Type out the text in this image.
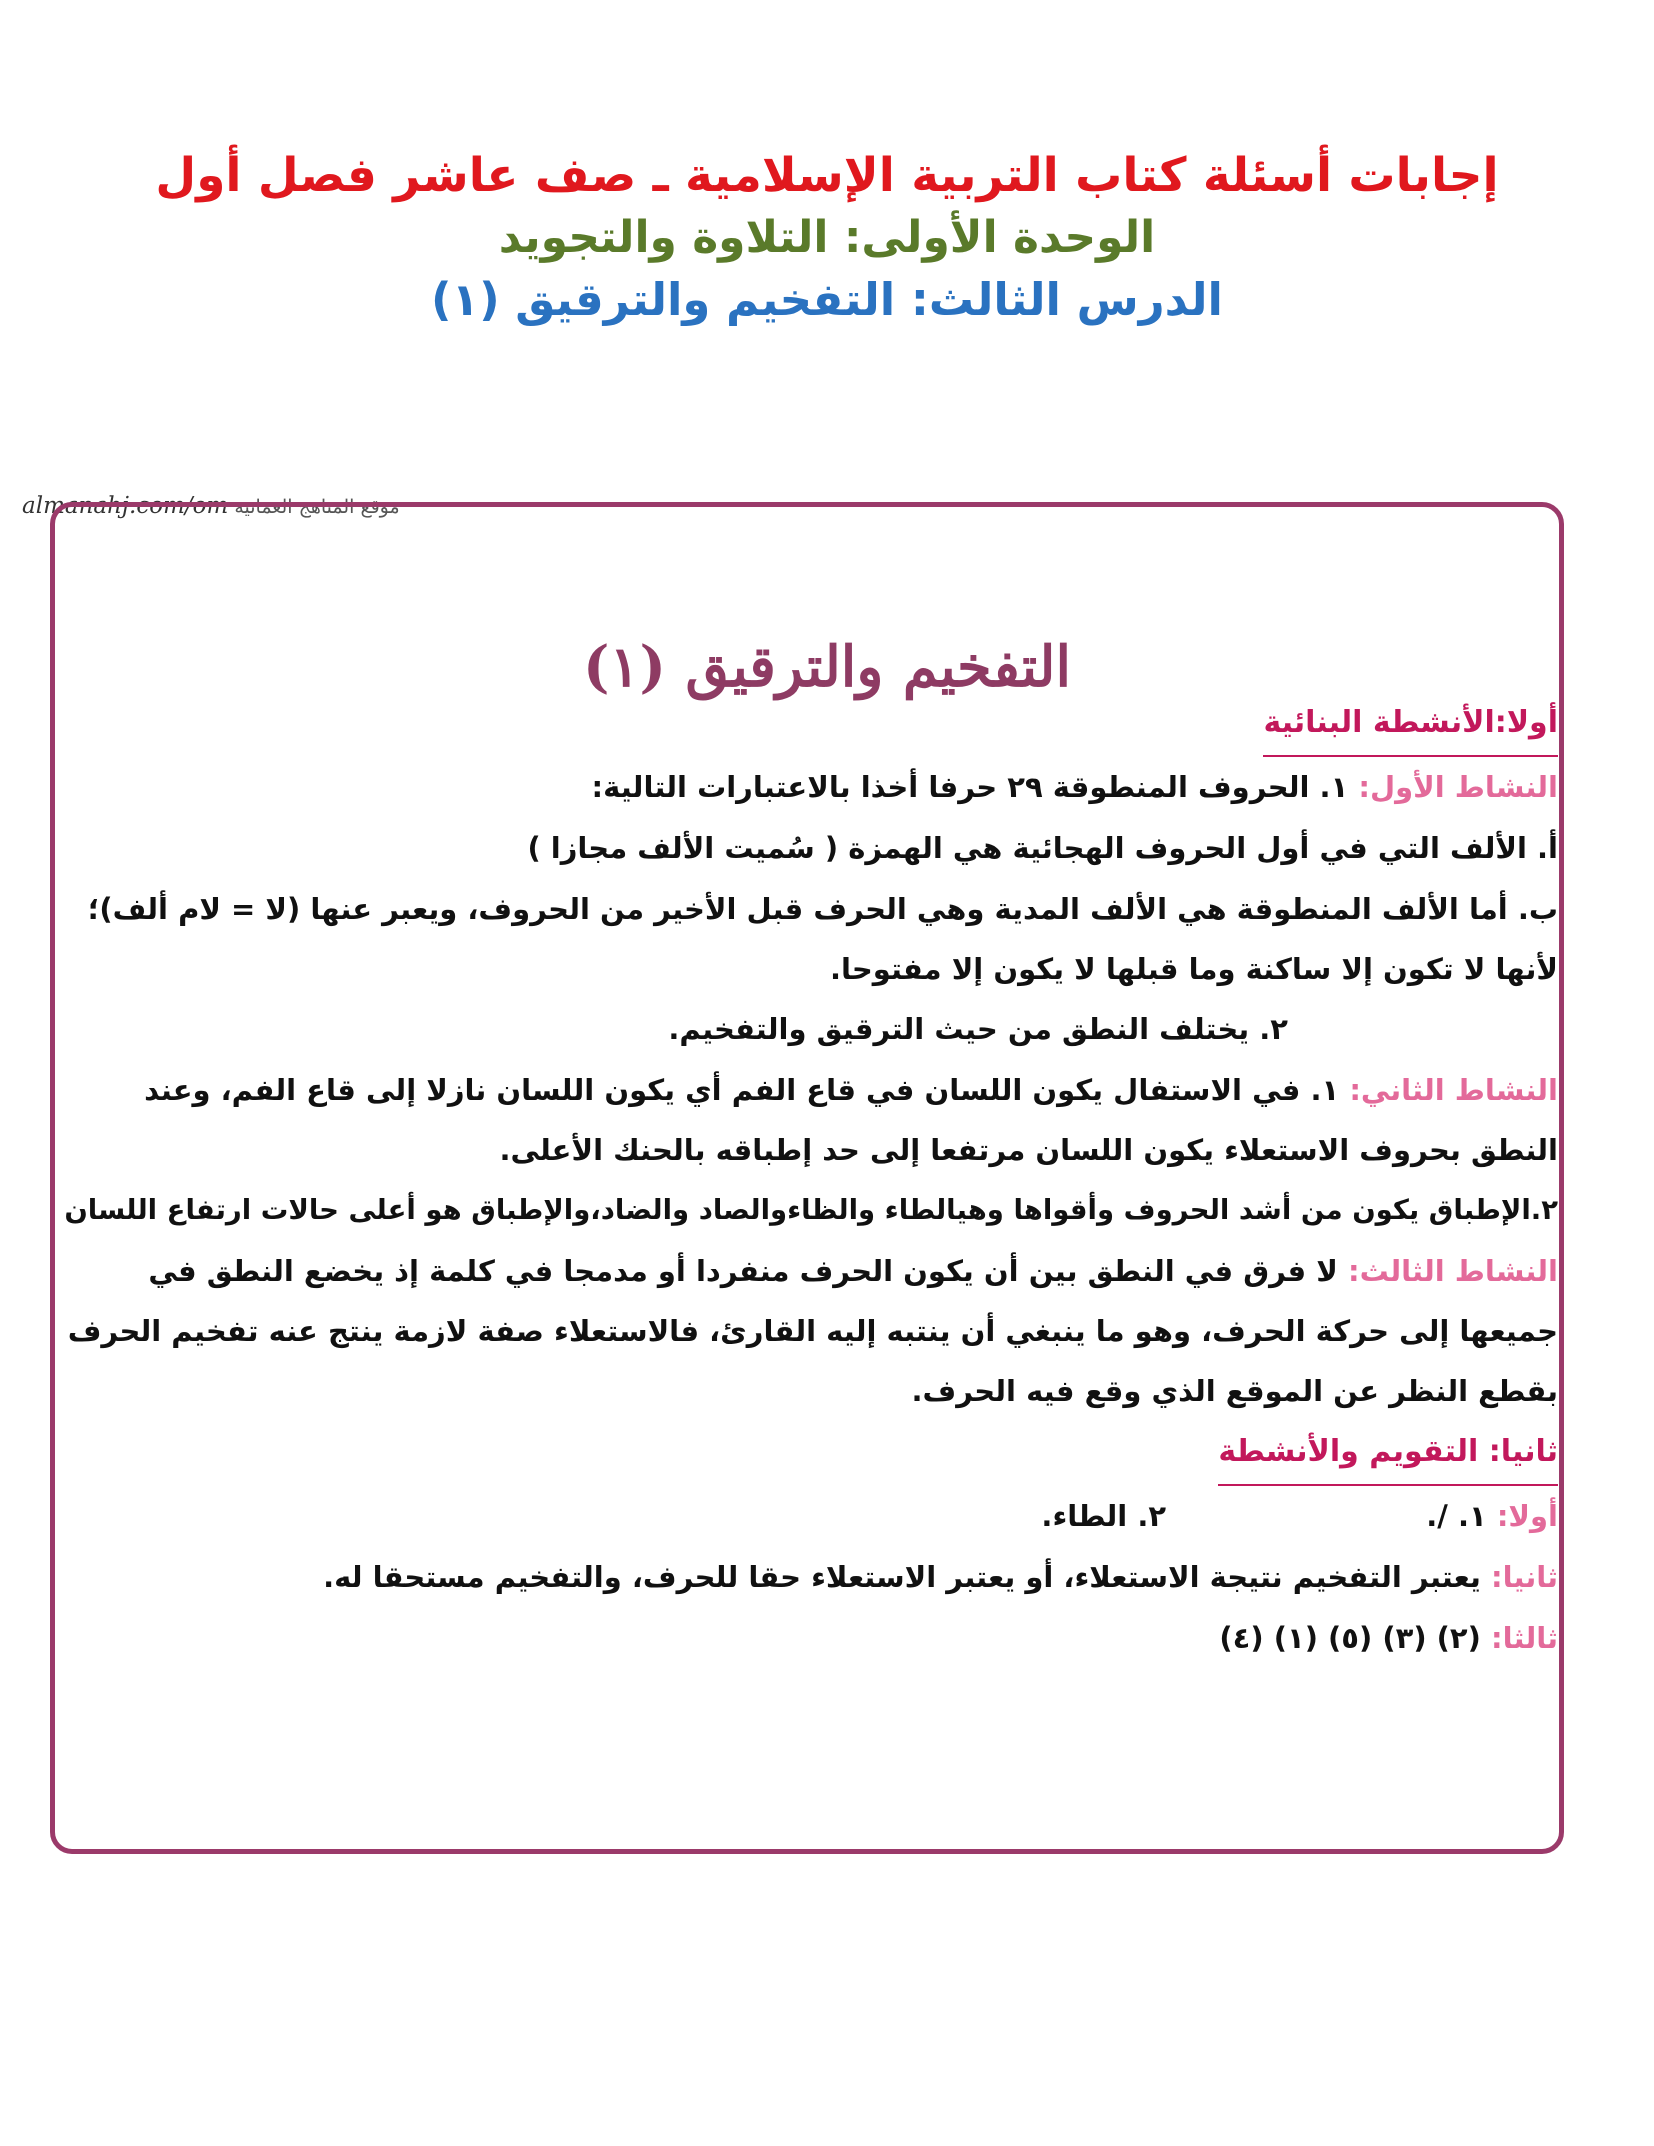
إجابات أسئلة كتاب التربية الإسلامية ـ صف عاشر فصل أول
الوحدة الأولى: التلاوة والتجويد
الدرس الثالث: التفخيم والترقيق (١)
almanahj.com/om موقع المناهج العمانية
التفخيم والترقيق (١)
أولا:الأنشطة البنائية
النشاط الأول: ١. الحروف المنطوقة ٢٩ حرفا أخذا بالاعتبارات التالية:
أ. الألف التي في أول الحروف الهجائية هي الهمزة ( سُميت الألف مجازا )
ب. أما الألف المنطوقة هي الألف المدية وهي الحرف قبل الأخير من الحروف، ويعبر عنها (لا = لام ألف)؛ لأنها لا تكون إلا ساكنة وما قبلها لا يكون إلا مفتوحا.
٢. يختلف النطق من حيث الترقيق والتفخيم.
النشاط الثاني: ١. في الاستفال يكون اللسان في قاع الفم أي يكون اللسان نازلا إلى قاع الفم، وعند النطق بحروف الاستعلاء يكون اللسان مرتفعا إلى حد إطباقه بالحنك الأعلى.
٢.الإطباق يكون من أشد الحروف وأقواها وهيالطاء والظاءوالصاد والضاد،والإطباق هو أعلى حالات ارتفاع اللسان
النشاط الثالث: لا فرق في النطق بين أن يكون الحرف منفردا أو مدمجا في كلمة إذ يخضع النطق في جميعها إلى حركة الحرف، وهو ما ينبغي أن ينتبه إليه القارئ، فالاستعلاء صفة لازمة ينتج عنه تفخيم الحرف بقطع النظر عن الموقع الذي وقع فيه الحرف.
ثانيا: التقويم والأنشطة
أولا: ١. /.  ٢. الطاء.
ثانيا: يعتبر التفخيم نتيجة الاستعلاء، أو يعتبر الاستعلاء حقا للحرف، والتفخيم مستحقا له.
ثالثا: (٢) (٣) (٥) (١) (٤)
